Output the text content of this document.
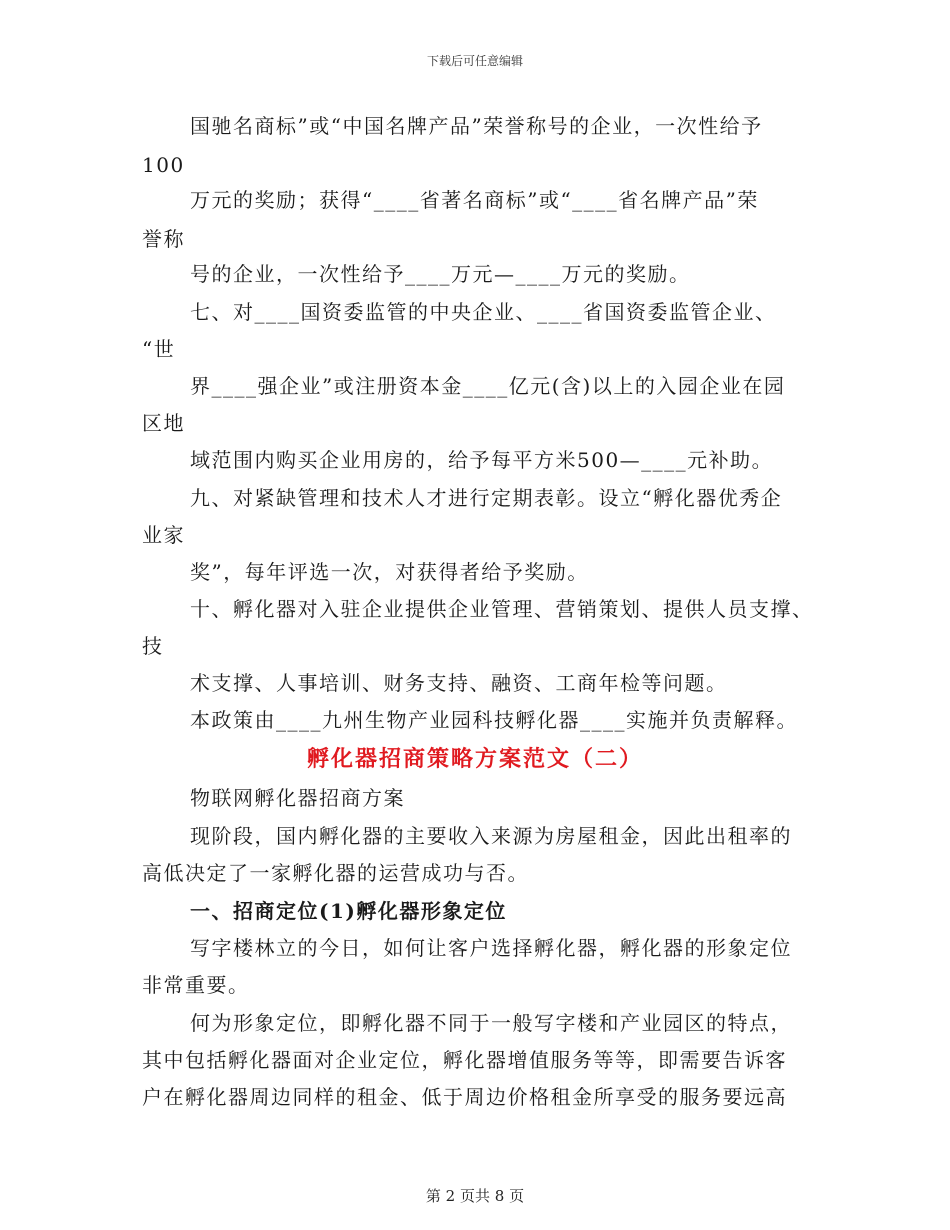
下载后可任意编辑
国驰名商标”或“中国名牌产品”荣誉称号的企业，一次性给予
100
万元的奖励；获得“____省著名商标”或“____省名牌产品”荣
誉称
号的企业，一次性给予____万元—____万元的奖励。
七、对____国资委监管的中央企业、____省国资委监管企业、
“世
界____强企业”或注册资本金____亿元(含)以上的入园企业在园
区地
域范围内购买企业用房的，给予每平方米500—____元补助。
九、对紧缺管理和技术人才进行定期表彰。设立“孵化器优秀企
业家
奖”，每年评选一次，对获得者给予奖励。
十、孵化器对入驻企业提供企业管理、营销策划、提供人员支撑、
技
术支撑、人事培训、财务支持、融资、工商年检等问题。
本政策由____九州生物产业园科技孵化器____实施并负责解释。
孵化器招商策略方案范文（二）
物联网孵化器招商方案
现阶段，国内孵化器的主要收入来源为房屋租金，因此出租率的
高低决定了一家孵化器的运营成功与否。
一、招商定位(1)孵化器形象定位
写字楼林立的今日，如何让客户选择孵化器，孵化器的形象定位
非常重要。
何为形象定位，即孵化器不同于一般写字楼和产业园区的特点，
其中包括孵化器面对企业定位，孵化器增值服务等等，即需要告诉客
户在孵化器周边同样的租金、低于周边价格租金所享受的服务要远高
第 2 页共 8 页
